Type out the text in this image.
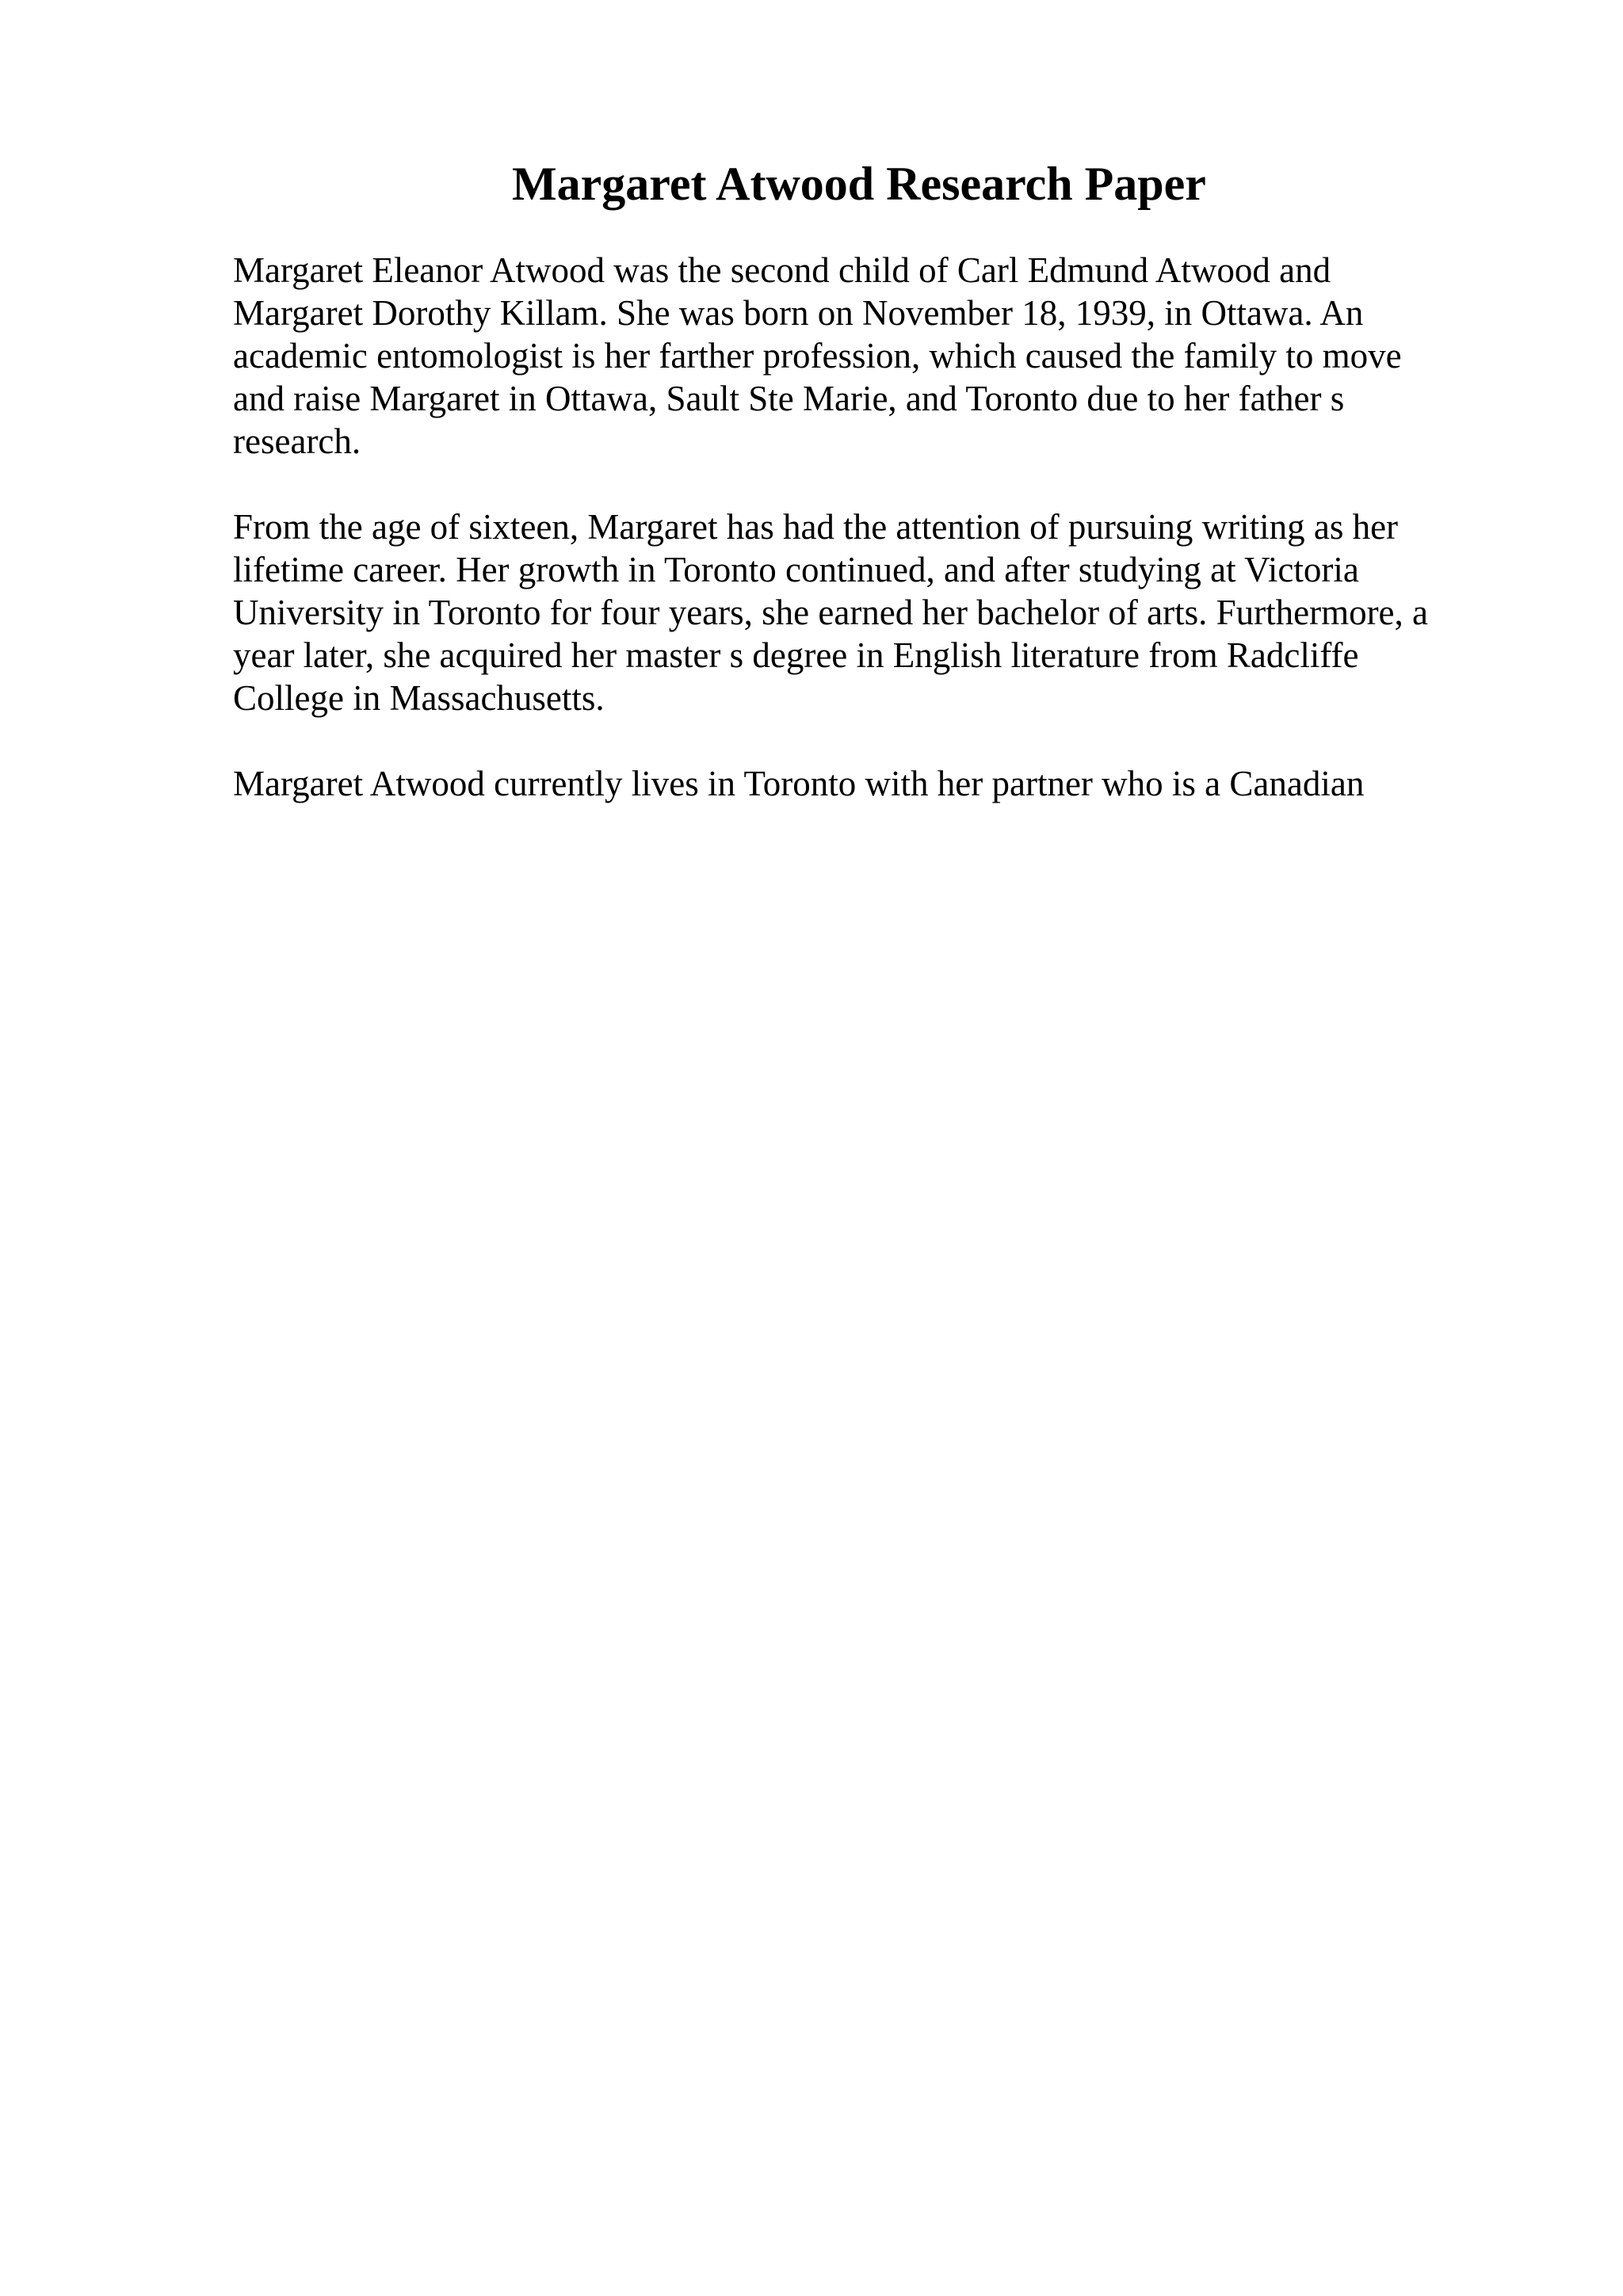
Margaret Atwood Research Paper

Margaret Eleanor Atwood was the second child of Carl Edmund Atwood and
Margaret Dorothy Killam. She was born on November 18, 1939, in Ottawa. An
academic entomologist is her farther profession, which caused the family to move
and raise Margaret in Ottawa, Sault Ste Marie, and Toronto due to her father s
research.

From the age of sixteen, Margaret has had the attention of pursuing writing as her
lifetime career. Her growth in Toronto continued, and after studying at Victoria
University in Toronto for four years, she earned her bachelor of arts. Furthermore, a
year later, she acquired her master s degree in English literature from Radcliffe
College in Massachusetts.

Margaret Atwood currently lives in Toronto with her partner who is a Canadian
